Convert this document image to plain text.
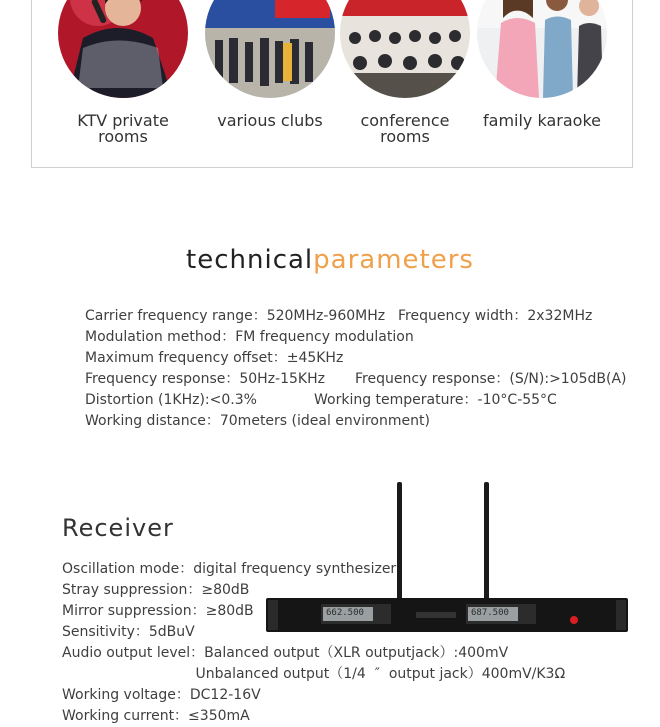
KTV private rooms
various clubs	conference rooms
family karaoke
technicalparameters
Carrier frequency range：520MHz-960MHz Frequency width：2x32MHz
Modulation method：FM frequency modulation
Maximum frequency offset：±45KHz
Frequency response：50Hz-15KHz Frequency response：(S/N):>105dB(A)
Distortion (1KHz):<0.3%	Working temperature：-10°C-55°C
Working distance：70meters (ideal environment)
Receiver
662.500	687.500
Oscillation mode：digital frequency synthesizer
Stray suppression：≥80dB
Mirror suppression：≥80dB
Sensitivity：5dBuV
Audio output level：Balanced output（XLR outputjack）:400mV
Unbalanced output（1/4  ″  output jack）400mV/K3Ω
Working voltage：DC12-16V
Working current：≤350mA
